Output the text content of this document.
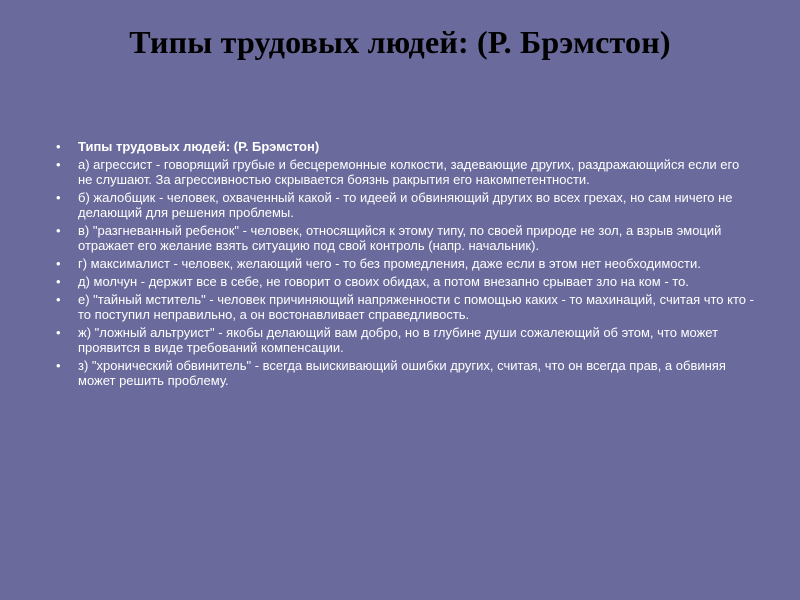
Типы трудовых людей: (Р. Брэмстон)
• Типы трудовых людей: (Р. Брэмстон)
• а) агрессист - говорящий грубые и бесцеремонные колкости, задевающие других, раздражающийся если его не слушают. За агрессивностью скрывается боязнь ракрытия его накомпетентности.
• б) жалобщик - человек, охваченный какой - то идеей и обвиняющий других во всех грехах, но сам ничего не делающий для решения проблемы.
• в) "разгневанный ребенок" - человек, относящийся к этому типу, по своей природе не зол, а взрыв эмоций отражает его желание взять ситуацию под свой контроль (напр. начальник).
• г) максималист - человек, желающий чего - то без промедления, даже если в этом нет необходимости.
• д) молчун - держит все в себе, не говорит о своих обидах, а потом внезапно срывает зло на ком - то.
• е) "тайный мститель" - человек причиняющий напряженности с помощью каких - то махинаций, считая что кто - то поступил неправильно, а он востонавливает справедливость.
• ж) "ложный альтруист" - якобы делающий вам добро, но в глубине души сожалеющий об этом, что может проявится в виде требований компенсации.
• з) "хронический обвинитель" - всегда выискивающий ошибки других, считая, что он всегда прав, а обвиняя может решить проблему.
